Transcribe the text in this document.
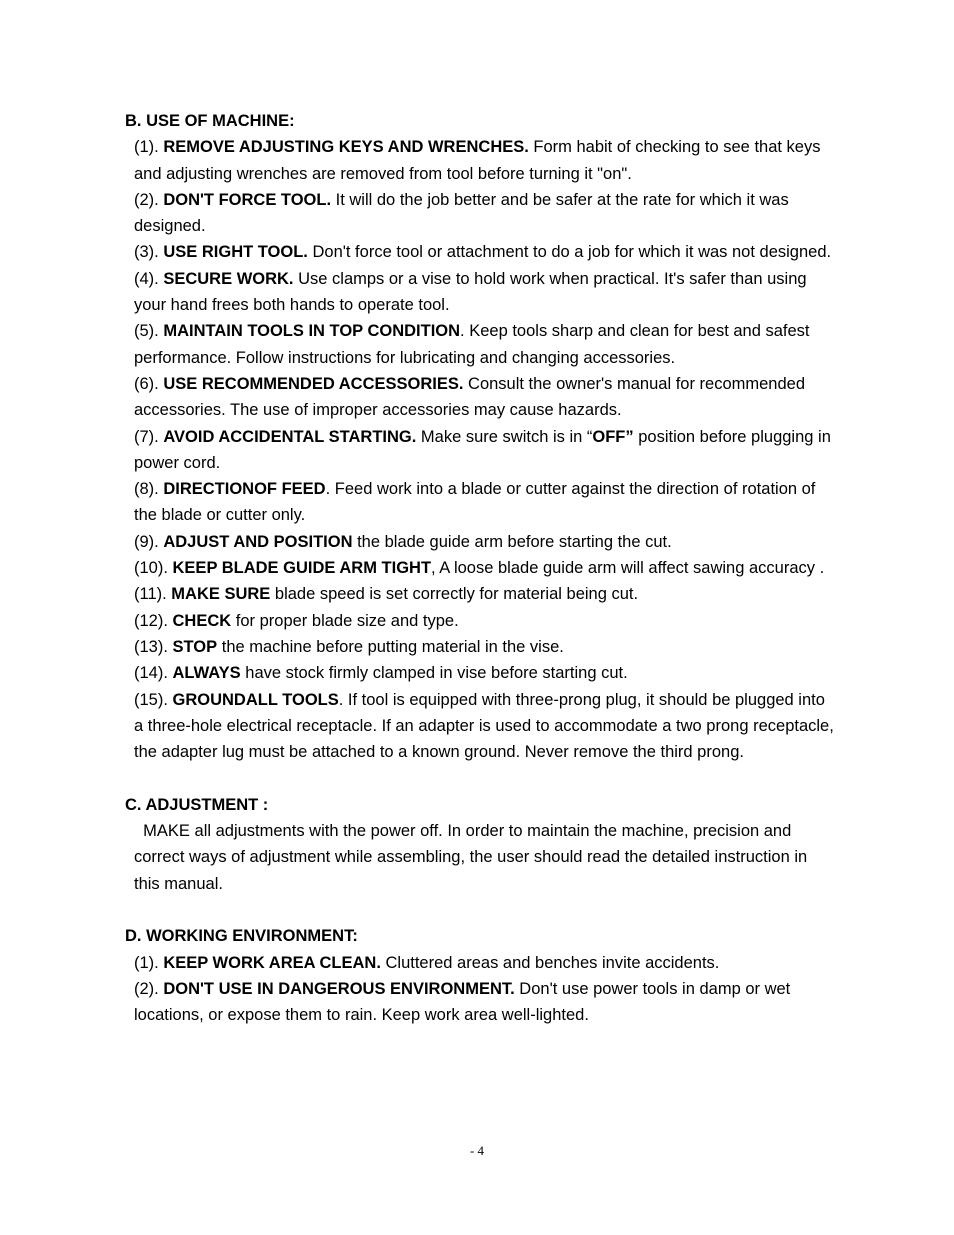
B. USE OF MACHINE:

(1). REMOVE ADJUSTING KEYS AND WRENCHES. Form habit of checking to see that keys and adjusting wrenches are removed from tool before turning it "on".

(2). DON'T FORCE TOOL. It will do the job better and be safer at the rate for which it was designed.

(3). USE RIGHT TOOL. Don't force tool or attachment to do a job for which it was not designed.

(4). SECURE WORK. Use clamps or a vise to hold work when practical. It's safer than using your hand frees both hands to operate tool.

(5). MAINTAIN TOOLS IN TOP CONDITION. Keep tools sharp and clean for best and safest performance. Follow instructions for lubricating and changing accessories.

(6). USE RECOMMENDED ACCESSORIES. Consult the owner's manual for recommended accessories. The use of improper accessories may cause hazards.

(7). AVOID ACCIDENTAL STARTING. Make sure switch is in “OFF” position before plugging in power cord.

(8). DIRECTIONOF FEED. Feed work into a blade or cutter against the direction of rotation of the blade or cutter only.

(9). ADJUST AND POSITION the blade guide arm before starting the cut.

(10). KEEP BLADE GUIDE ARM TIGHT, A loose blade guide arm will affect sawing accuracy .

(11). MAKE SURE blade speed is set correctly for material being cut.

(12). CHECK for proper blade size and type.

(13). STOP the machine before putting material in the vise.

(14). ALWAYS have stock firmly clamped in vise before starting cut.

(15). GROUNDALL TOOLS. If tool is equipped with three-prong plug, it should be plugged into a three-hole electrical receptacle. If an adapter is used to accommodate a two prong receptacle, the adapter lug must be attached to a known ground. Never remove the third prong.

C. ADJUSTMENT :

MAKE all adjustments with the power off. In order to maintain the machine, precision and correct ways of adjustment while assembling, the user should read the detailed instruction in this manual.

D. WORKING ENVIRONMENT:

(1). KEEP WORK AREA CLEAN. Cluttered areas and benches invite accidents.

(2). DON'T USE IN DANGEROUS ENVIRONMENT. Don't use power tools in damp or wet locations, or expose them to rain. Keep work area well-lighted.

- 4
